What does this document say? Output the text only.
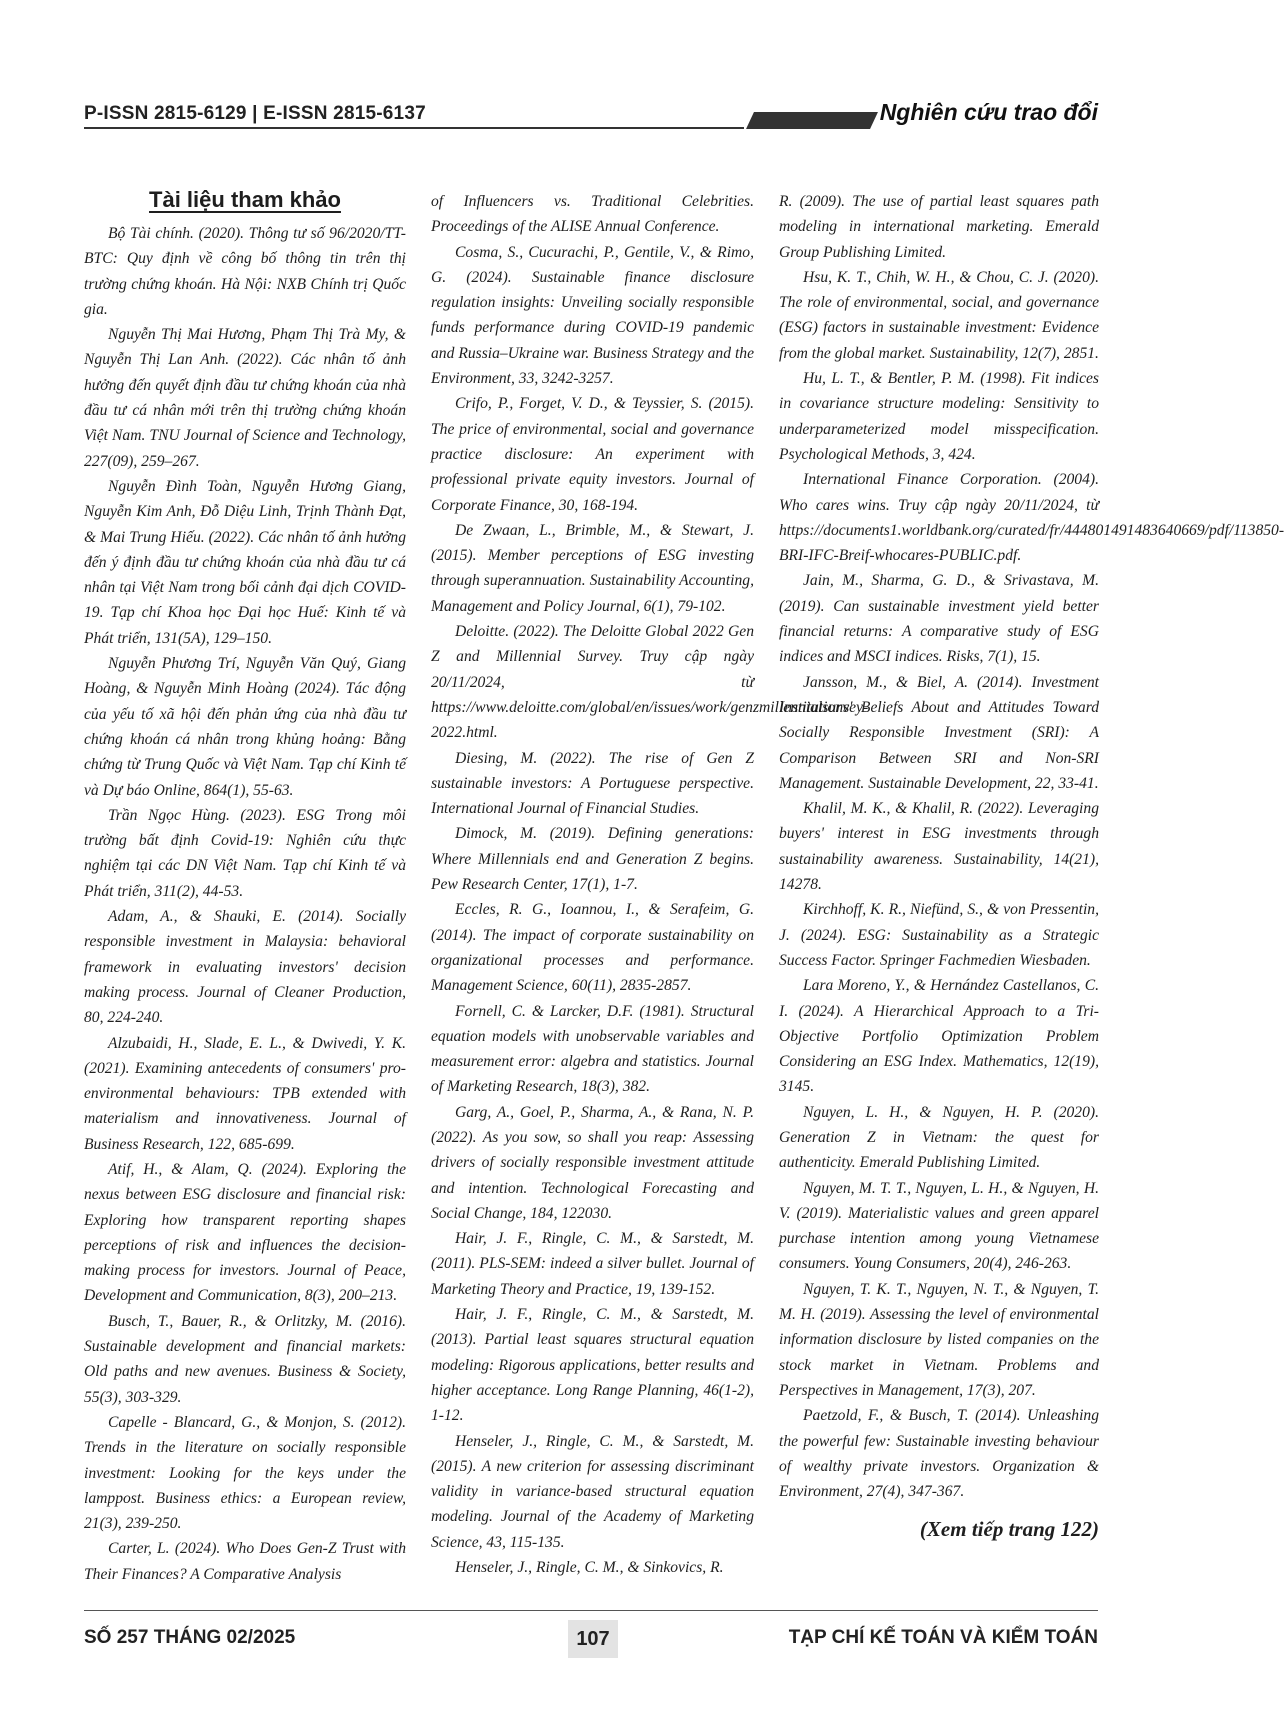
P-ISSN 2815-6129 | E-ISSN 2815-6137	Nghiên cứu trao đổi
Tài liệu tham khảo

Bộ Tài chính. (2020). Thông tư số 96/2020/TT-BTC: Quy định về công bố thông tin trên thị trường chứng khoán. Hà Nội: NXB Chính trị Quốc gia.

Nguyễn Thị Mai Hương, Phạm Thị Trà My, & Nguyễn Thị Lan Anh. (2022). Các nhân tố ảnh hưởng đến quyết định đầu tư chứng khoán của nhà đầu tư cá nhân mới trên thị trường chứng khoán Việt Nam. TNU Journal of Science and Technology, 227(09), 259–267.

Nguyễn Đình Toàn, Nguyễn Hương Giang, Nguyễn Kim Anh, Đỗ Diệu Linh, Trịnh Thành Đạt, & Mai Trung Hiếu. (2022). Các nhân tố ảnh hưởng đến ý định đầu tư chứng khoán của nhà đầu tư cá nhân tại Việt Nam trong bối cảnh đại dịch COVID-19. Tạp chí Khoa học Đại học Huế: Kinh tế và Phát triển, 131(5A), 129–150.

Nguyễn Phương Trí, Nguyễn Văn Quý, Giang Hoàng, & Nguyễn Minh Hoàng (2024). Tác động của yếu tố xã hội đến phản ứng của nhà đầu tư chứng khoán cá nhân trong khủng hoảng: Bằng chứng từ Trung Quốc và Việt Nam. Tạp chí Kinh tế và Dự báo Online, 864(1), 55-63.

Trần Ngọc Hùng. (2023). ESG Trong môi trường bất định Covid-19: Nghiên cứu thực nghiệm tại các DN Việt Nam. Tạp chí Kinh tế và Phát triển, 311(2), 44-53.

Adam, A., & Shauki, E. (2014). Socially responsible investment in Malaysia: behavioral framework in evaluating investors' decision making process. Journal of Cleaner Production, 80, 224-240.

Alzubaidi, H., Slade, E. L., & Dwivedi, Y. K. (2021). Examining antecedents of consumers' pro-environmental behaviours: TPB extended with materialism and innovativeness. Journal of Business Research, 122, 685-699.

Atif, H., & Alam, Q. (2024). Exploring the nexus between ESG disclosure and financial risk: Exploring how transparent reporting shapes perceptions of risk and influences the decision-making process for investors. Journal of Peace, Development and Communication, 8(3), 200–213.

Busch, T., Bauer, R., & Orlitzky, M. (2016). Sustainable development and financial markets: Old paths and new avenues. Business & Society, 55(3), 303-329.

Capelle - Blancard, G., & Monjon, S. (2012). Trends in the literature on socially responsible investment: Looking for the keys under the lamppost. Business ethics: a European review, 21(3), 239-250.

Carter, L. (2024). Who Does Gen-Z Trust with Their Finances? A Comparative Analysis

of Influencers vs. Traditional Celebrities. Proceedings of the ALISE Annual Conference.

Cosma, S., Cucurachi, P., Gentile, V., & Rimo, G. (2024). Sustainable finance disclosure regulation insights: Unveiling socially responsible funds performance during COVID-19 pandemic and Russia–Ukraine war. Business Strategy and the Environment, 33, 3242-3257.

Crifo, P., Forget, V. D., & Teyssier, S. (2015). The price of environmental, social and governance practice disclosure: An experiment with professional private equity investors. Journal of Corporate Finance, 30, 168-194.

De Zwaan, L., Brimble, M., & Stewart, J. (2015). Member perceptions of ESG investing through superannuation. Sustainability Accounting, Management and Policy Journal, 6(1), 79-102.

Deloitte. (2022). The Deloitte Global 2022 Gen Z and Millennial Survey. Truy cập ngày 20/11/2024, từ https://www.deloitte.com/global/en/issues/work/genzmillennialsurvey-2022.html.

Diesing, M. (2022). The rise of Gen Z sustainable investors: A Portuguese perspective. International Journal of Financial Studies.

Dimock, M. (2019). Defining generations: Where Millennials end and Generation Z begins. Pew Research Center, 17(1), 1-7.

Eccles, R. G., Ioannou, I., & Serafeim, G. (2014). The impact of corporate sustainability on organizational processes and performance. Management Science, 60(11), 2835-2857.

Fornell, C. & Larcker, D.F. (1981). Structural equation models with unobservable variables and measurement error: algebra and statistics. Journal of Marketing Research, 18(3), 382.

Garg, A., Goel, P., Sharma, A., & Rana, N. P. (2022). As you sow, so shall you reap: Assessing drivers of socially responsible investment attitude and intention. Technological Forecasting and Social Change, 184, 122030.

Hair, J. F., Ringle, C. M., & Sarstedt, M. (2011). PLS-SEM: indeed a silver bullet. Journal of Marketing Theory and Practice, 19, 139-152.

Hair, J. F., Ringle, C. M., & Sarstedt, M. (2013). Partial least squares structural equation modeling: Rigorous applications, better results and higher acceptance. Long Range Planning, 46(1-2), 1-12.

Henseler, J., Ringle, C. M., & Sarstedt, M. (2015). A new criterion for assessing discriminant validity in variance-based structural equation modeling. Journal of the Academy of Marketing Science, 43, 115-135.

Henseler, J., Ringle, C. M., & Sinkovics, R.

R. (2009). The use of partial least squares path modeling in international marketing. Emerald Group Publishing Limited.

Hsu, K. T., Chih, W. H., & Chou, C. J. (2020). The role of environmental, social, and governance (ESG) factors in sustainable investment: Evidence from the global market. Sustainability, 12(7), 2851.

Hu, L. T., & Bentler, P. M. (1998). Fit indices in covariance structure modeling: Sensitivity to underparameterized model misspecification. Psychological Methods, 3, 424.

International Finance Corporation. (2004). Who cares wins. Truy cập ngày 20/11/2024, từ https://documents1.worldbank.org/curated/fr/444801491483640669/pdf/113850-BRI-IFC-Breif-whocares-PUBLIC.pdf.

Jain, M., Sharma, G. D., & Srivastava, M. (2019). Can sustainable investment yield better financial returns: A comparative study of ESG indices and MSCI indices. Risks, 7(1), 15.

Jansson, M., & Biel, A. (2014). Investment Institutions' Beliefs About and Attitudes Toward Socially Responsible Investment (SRI): A Comparison Between SRI and Non-SRI Management. Sustainable Development, 22, 33-41.

Khalil, M. K., & Khalil, R. (2022). Leveraging buyers' interest in ESG investments through sustainability awareness. Sustainability, 14(21), 14278.

Kirchhoff, K. R., Niefünd, S., & von Pressentin, J. (2024). ESG: Sustainability as a Strategic Success Factor. Springer Fachmedien Wiesbaden.

Lara Moreno, Y., & Hernández Castellanos, C. I. (2024). A Hierarchical Approach to a Tri-Objective Portfolio Optimization Problem Considering an ESG Index. Mathematics, 12(19), 3145.

Nguyen, L. H., & Nguyen, H. P. (2020). Generation Z in Vietnam: the quest for authenticity. Emerald Publishing Limited.

Nguyen, M. T. T., Nguyen, L. H., & Nguyen, H. V. (2019). Materialistic values and green apparel purchase intention among young Vietnamese consumers. Young Consumers, 20(4), 246-263.

Nguyen, T. K. T., Nguyen, N. T., & Nguyen, T. M. H. (2019). Assessing the level of environmental information disclosure by listed companies on the stock market in Vietnam. Problems and Perspectives in Management, 17(3), 207.

Paetzold, F., & Busch, T. (2014). Unleashing the powerful few: Sustainable investing behaviour of wealthy private investors. Organization & Environment, 27(4), 347-367.

(Xem tiếp trang 122)
SỐ 257 THÁNG 02/2025	107	TẠP CHÍ KẾ TOÁN VÀ KIỂM TOÁN
